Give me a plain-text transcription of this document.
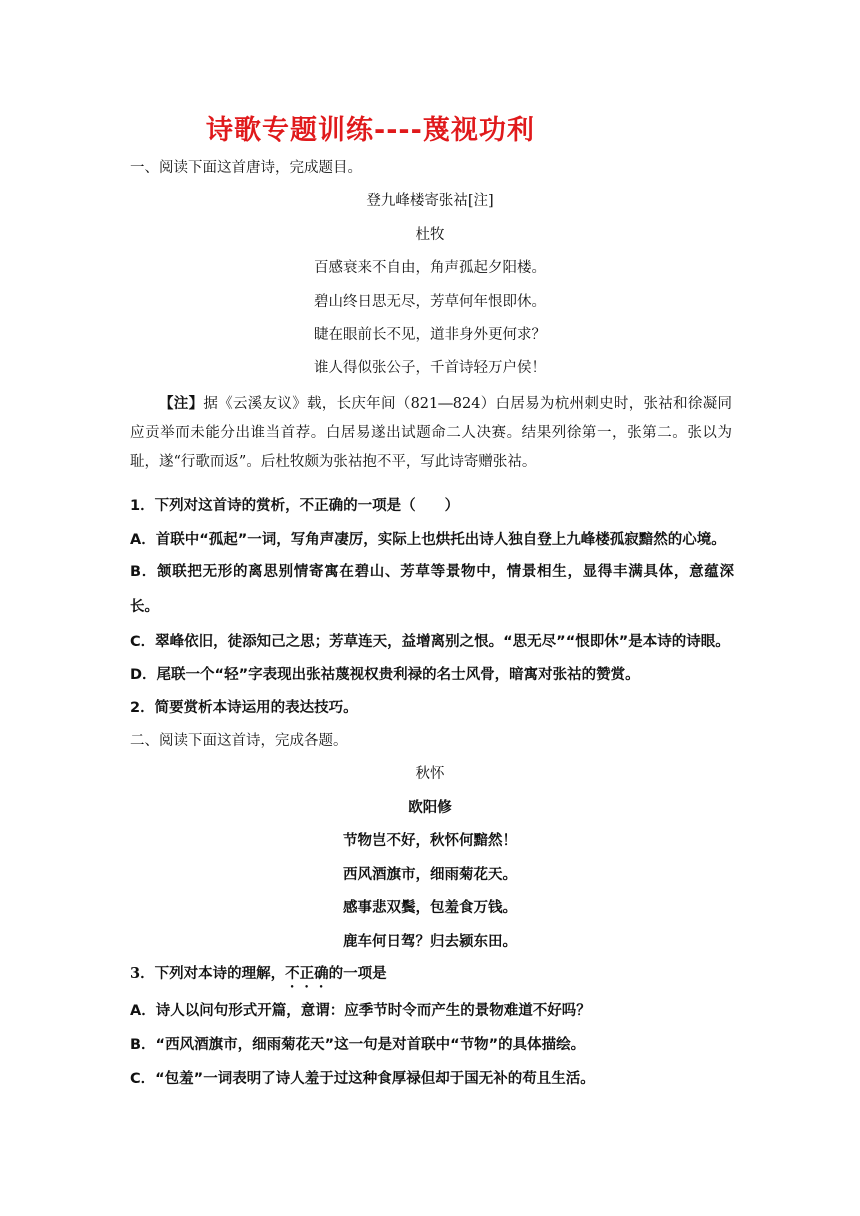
诗歌专题训练----蔑视功利
一、阅读下面这首唐诗，完成题目。
登九峰楼寄张祜[注]
杜牧
百感衰来不自由，角声孤起夕阳楼。
碧山终日思无尽，芳草何年恨即休。
睫在眼前长不见，道非身外更何求？
谁人得似张公子，千首诗轻万户侯！
【注】据《云溪友议》载，长庆年间（821―824）白居易为杭州刺史时，张祜和徐凝同应贡举而未能分出谁当首荐。白居易遂出试题命二人决赛。结果列徐第一，张第二。张以为耻，遂“行歌而返”。后杜牧颇为张祜抱不平，写此诗寄赠张祜。
1．下列对这首诗的赏析，不正确的一项是（　　）
A．首联中“孤起”一词，写角声凄厉，实际上也烘托出诗人独自登上九峰楼孤寂黯然的心境。
B．颔联把无形的离思别情寄寓在碧山、芳草等景物中，情景相生，显得丰满具体，意蕴深长。
C．翠峰依旧，徒添知己之思；芳草连天，益增离别之恨。“思无尽”“恨即休”是本诗的诗眼。
D．尾联一个“轻”字表现出张祜蔑视权贵利禄的名士风骨，暗寓对张祜的赞赏。
2．简要赏析本诗运用的表达技巧。
二、阅读下面这首诗，完成各题。
秋怀
欧阳修
节物岂不好，秋怀何黯然！
西风酒旗市，细雨菊花天。
感事悲双鬓，包羞食万钱。
鹿车何日驾？归去颍东田。
3．下列对本诗的理解，不正确的一项是
A．诗人以问句形式开篇，意谓：应季节时令而产生的景物难道不好吗？
B．“西风酒旗市，细雨菊花天”这一句是对首联中“节物”的具体描绘。
C．“包羞”一词表明了诗人羞于过这种食厚禄但却于国无补的苟且生活。
